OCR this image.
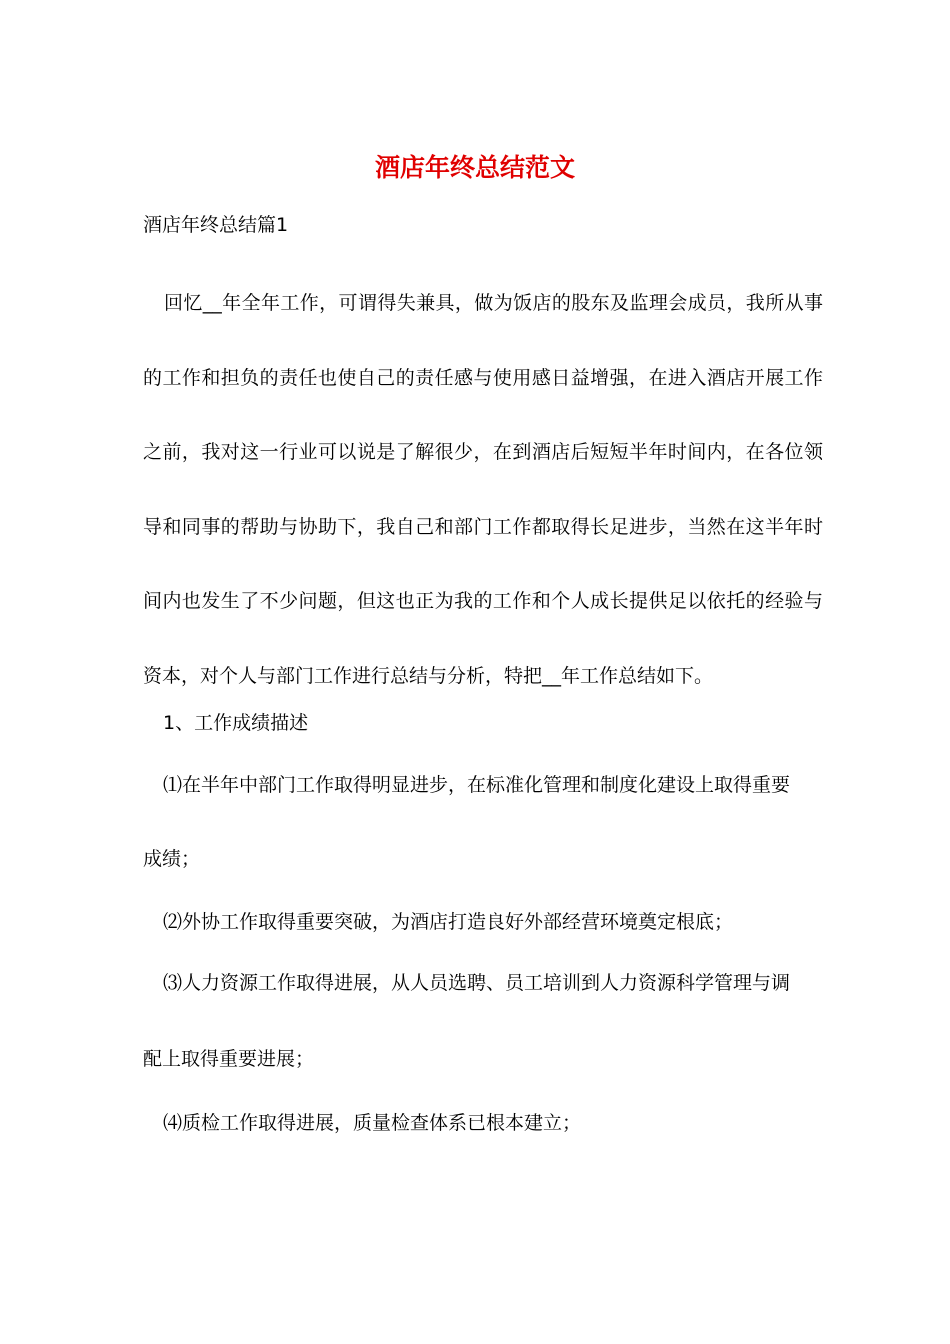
酒店年终总结范文

酒店年终总结篇1

回忆__年全年工作，可谓得失兼具，做为饭店的股东及监理会成员，我所从事的工作和担负的责任也使自己的责任感与使用感日益增强，在进入酒店开展工作之前，我对这一行业可以说是了解很少，在到酒店后短短半年时间内，在各位领导和同事的帮助与协助下，我自己和部门工作都取得长足进步，当然在这半年时间内也发生了不少问题，但这也正为我的工作和个人成长提供足以依托的经验与资本，对个人与部门工作进行总结与分析，特把__年工作总结如下。

1、工作成绩描述

⑴在半年中部门工作取得明显进步，在标准化管理和制度化建设上取得重要

成绩；

⑵外协工作取得重要突破，为酒店打造良好外部经营环境奠定根底；

⑶人力资源工作取得进展，从人员选聘、员工培训到人力资源科学管理与调

配上取得重要进展；

⑷质检工作取得进展，质量检查体系已根本建立；
